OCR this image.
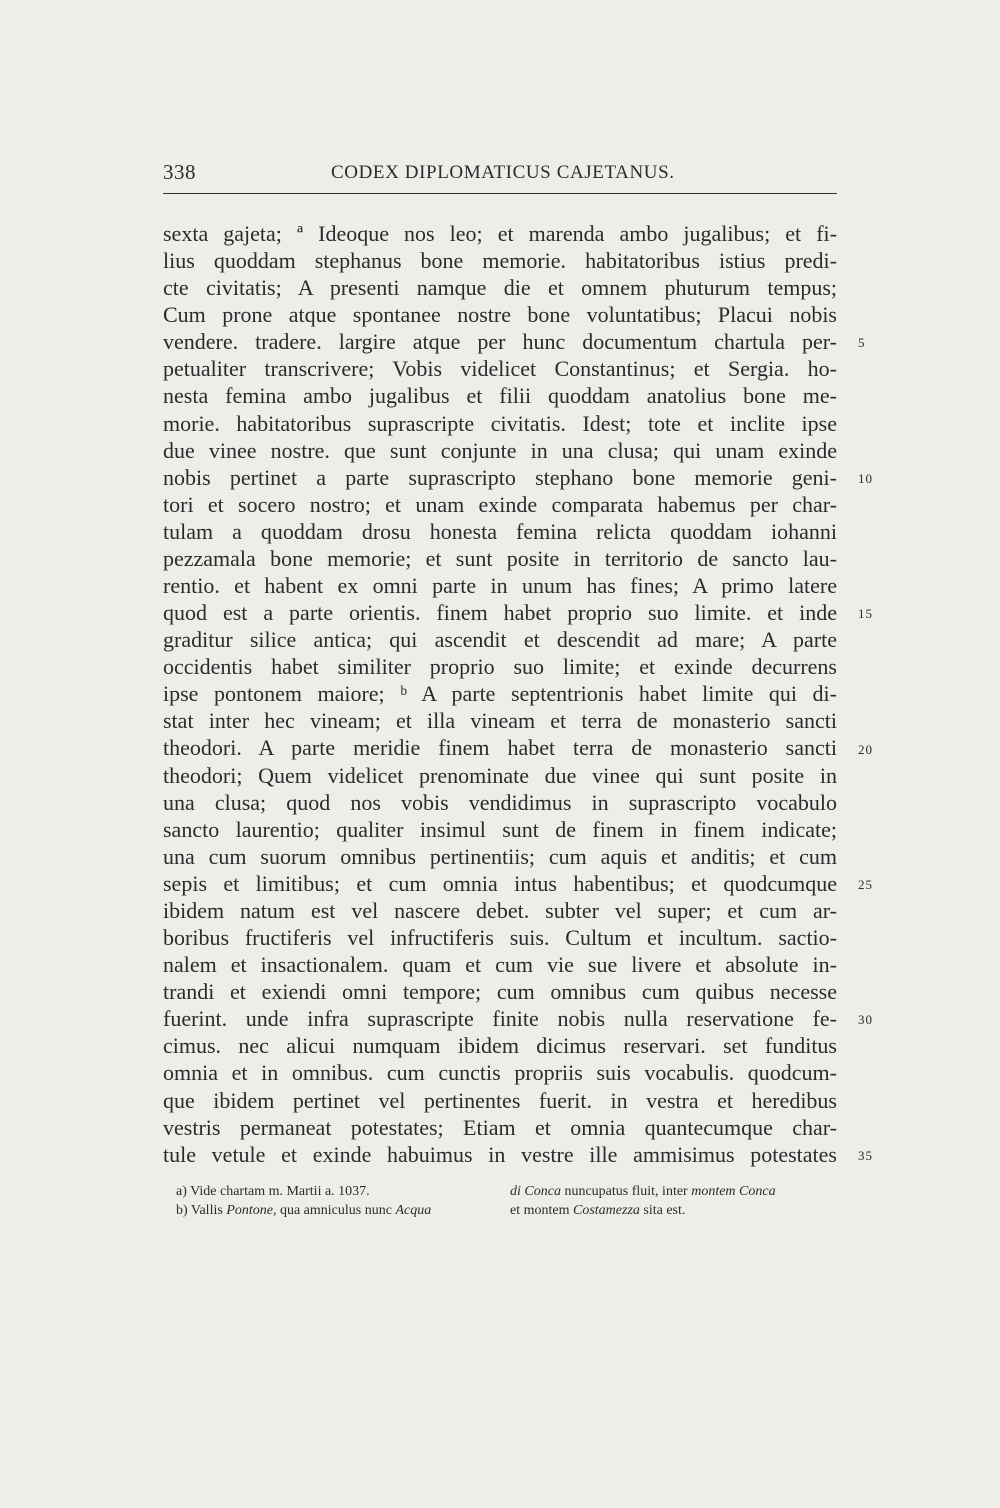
338	CODEX DIPLOMATICUS CAJETANUS.
sexta gajeta; ª Ideoque nos leo; et marenda ambo jugalibus; et fi-
lius quoddam stephanus bone memorie. habitatoribus istius predi-
cte civitatis; A presenti namque die et omnem phuturum tempus;
Cum prone atque spontanee nostre bone voluntatibus; Placui nobis
vendere. tradere. largire atque per hunc documentum chartula per-
petualiter transcrivere; Vobis videlicet Constantinus; et Sergia. ho-
nesta femina ambo jugalibus et filii quoddam anatolius bone me-
morie. habitatoribus suprascripte civitatis. Idest; tote et inclite ipse
due vinee nostre. que sunt conjunte in una clusa; qui unam exinde
nobis pertinet a parte suprascripto stephano bone memorie geni-
tori et socero nostro; et unam exinde comparata habemus per char-
tulam a quoddam drosu honesta femina relicta quoddam iohanni
pezzamala bone memorie; et sunt posite in territorio de sancto lau-
rentio. et habent ex omni parte in unum has fines; A primo latere
quod est a parte orientis. finem habet proprio suo limite. et inde
graditur silice antica; qui ascendit et descendit ad mare; A parte
occidentis habet similiter proprio suo limite; et exinde decurrens
ipse pontonem maiore; ᵇ A parte septentrionis habet limite qui di-
stat inter hec vineam; et illa vineam et terra de monasterio sancti
theodori. A parte meridie finem habet terra de monasterio sancti
theodori; Quem videlicet prenominate due vinee qui sunt posite in
una clusa; quod nos vobis vendidimus in suprascripto vocabulo
sancto laurentio; qualiter insimul sunt de finem in finem indicate;
una cum suorum omnibus pertinentiis; cum aquis et anditis; et cum
sepis et limitibus; et cum omnia intus habentibus; et quodcumque
ibidem natum est vel nascere debet. subter vel super; et cum ar-
boribus fructiferis vel infructiferis suis. Cultum et incultum. sactio-
nalem et insactionalem. quam et cum vie sue livere et absolute in-
trandi et exiendi omni tempore; cum omnibus cum quibus necesse
fuerint. unde infra suprascripte finite nobis nulla reservatione fe-
cimus. nec alicui numquam ibidem dicimus reservari. set funditus
omnia et in omnibus. cum cunctis propriis suis vocabulis. quodcum-
que ibidem pertinet vel pertinentes fuerit. in vestra et heredibus
vestris permaneat potestates; Etiam et omnia quantecumque char-
tule vetule et exinde habuimus in vestre ille ammisimus potestates
5
10
15
20
25
30
35
a) Vide chartam m. Martii a. 1037.
b) Vallis Pontone, qua amniculus nunc Acqua
di Conca nuncupatus fluit, inter montem Conca
et montem Costamezza sita est.
